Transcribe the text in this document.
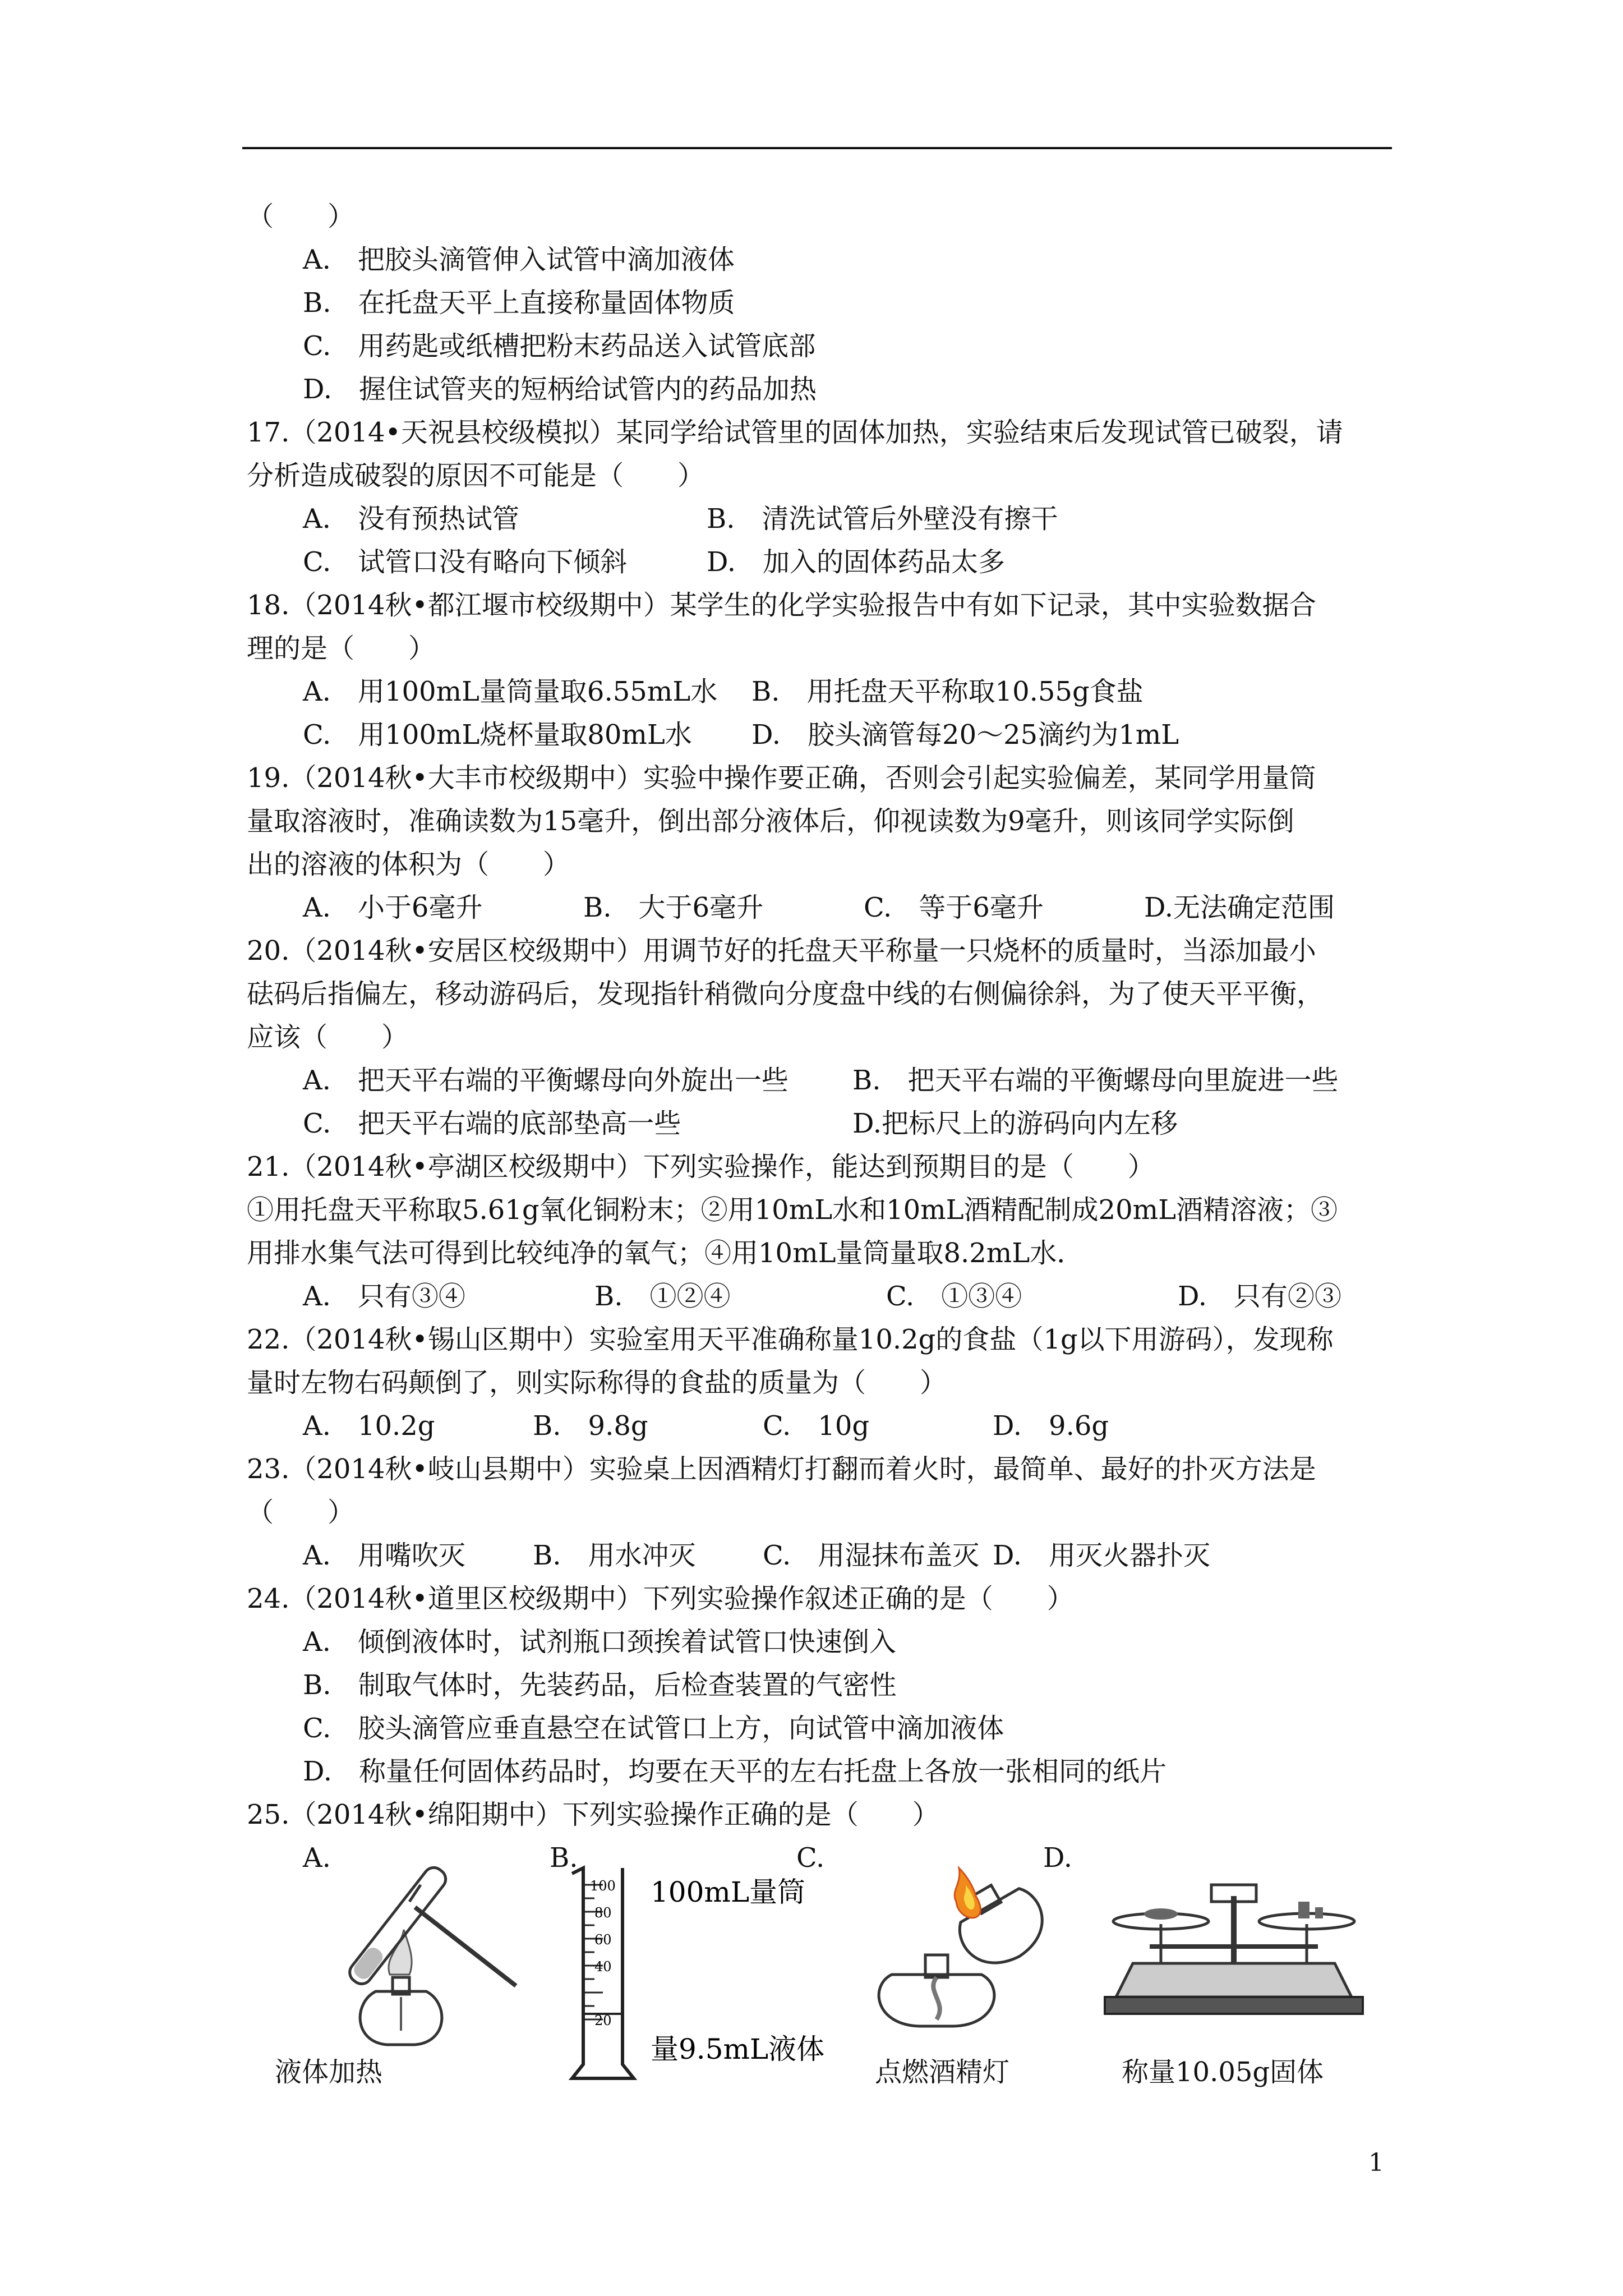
（　　）
A.　把胶头滴管伸入试管中滴加液体
B.　在托盘天平上直接称量固体物质
C.　用药匙或纸槽把粉末药品送入试管底部
D.　握住试管夹的短柄给试管内的药品加热
17.（2014•天祝县校级模拟）某同学给试管里的固体加热，实验结束后发现试管已破裂，请
分析造成破裂的原因不可能是（　　）
A.　没有预热试管	B.　清洗试管后外壁没有擦干
C.　试管口没有略向下倾斜	D.　加入的固体药品太多
18.（2014秋•都江堰市校级期中）某学生的化学实验报告中有如下记录，其中实验数据合
理的是（　　）
A.　用100mL量筒量取6.55mL水 B.　用托盘天平称取10.55g食盐
C.　用100mL烧杯量取80mL水 D.　胶头滴管每20～25滴约为1mL
19.（2014秋•大丰市校级期中）实验中操作要正确，否则会引起实验偏差，某同学用量筒
量取溶液时，准确读数为15毫升，倒出部分液体后，仰视读数为9毫升，则该同学实际倒
出的溶液的体积为（　　）
A.　小于6毫升	B.　大于6毫升	C.　等于6毫升	D.无法确定范围
20.（2014秋•安居区校级期中）用调节好的托盘天平称量一只烧杯的质量时，当添加最小
砝码后指偏左，移动游码后，发现指针稍微向分度盘中线的右侧偏徐斜，为了使天平平衡，
应该（　　）
A.　把天平右端的平衡螺母向外旋出一些 B.　把天平右端的平衡螺母向里旋进一些
C.　把天平右端的底部垫高一些	D.把标尺上的游码向内左移
21.（2014秋•亭湖区校级期中）下列实验操作，能达到预期目的是（　　）
①用托盘天平称取5.61g氧化铜粉末；②用10mL水和10mL酒精配制成20mL酒精溶液；③
用排水集气法可得到比较纯净的氧气；④用10mL量筒量取8.2mL水．
A.　只有③④	B.　①②④	C.　①③④	D.　只有②③
22.（2014秋•锡山区期中）实验室用天平准确称量10.2g的食盐（1g以下用游码），发现称
量时左物右码颠倒了，则实际称得的食盐的质量为（　　）
A.　10.2g	B.　9.8g	C.　10g	D.　9.6g
23.（2014秋•岐山县期中）实验桌上因酒精灯打翻而着火时，最简单、最好的扑灭方法是
（　　）
A.　用嘴吹灭	B.　用水冲灭 C.　用湿抹布盖灭 D.　用灭火器扑灭
24.（2014秋•道里区校级期中）下列实验操作叙述正确的是（　　）
A.　倾倒液体时，试剂瓶口颈挨着试管口快速倒入
B.　制取气体时，先装药品，后检查装置的气密性
C.　胶头滴管应垂直悬空在试管口上方，向试管中滴加液体
D.　称量任何固体药品时，均要在天平的左右托盘上各放一张相同的纸片
25.（2014秋•绵阳期中）下列实验操作正确的是（　　）
A.	B.	C.	D.
100
80
60
40
20
100mL量筒
量9.5mL液体
液体加热	点燃酒精灯	称量10.05g固体
1
